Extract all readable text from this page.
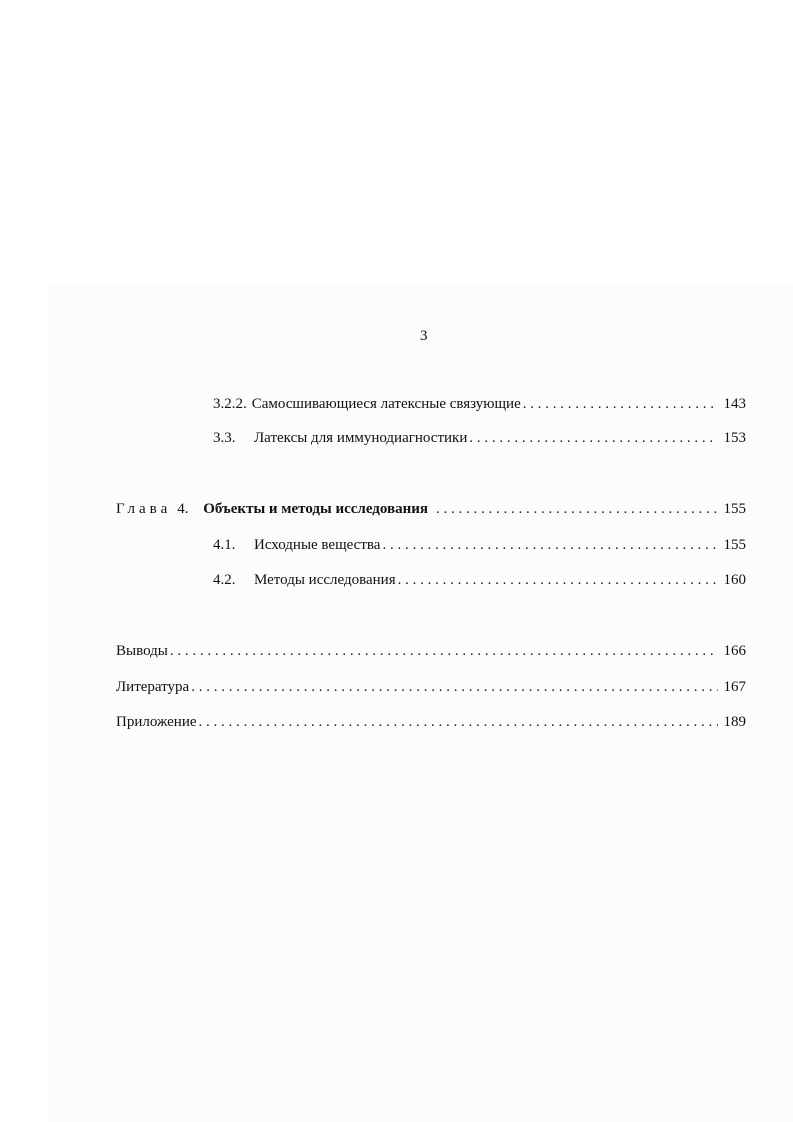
3
3.2.2. Самосшивающиеся латексные связующие . . .	143
3.3.	Латексы для иммунодиагностики . . .	153
Глава 4. Объекты и методы исследования . . .	155
4.1.	Исходные вещества . . .	155
4.2.	Методы исследования . . .	160
Выводы . . .	166
Литература . . .	167
Приложение . . .	189
